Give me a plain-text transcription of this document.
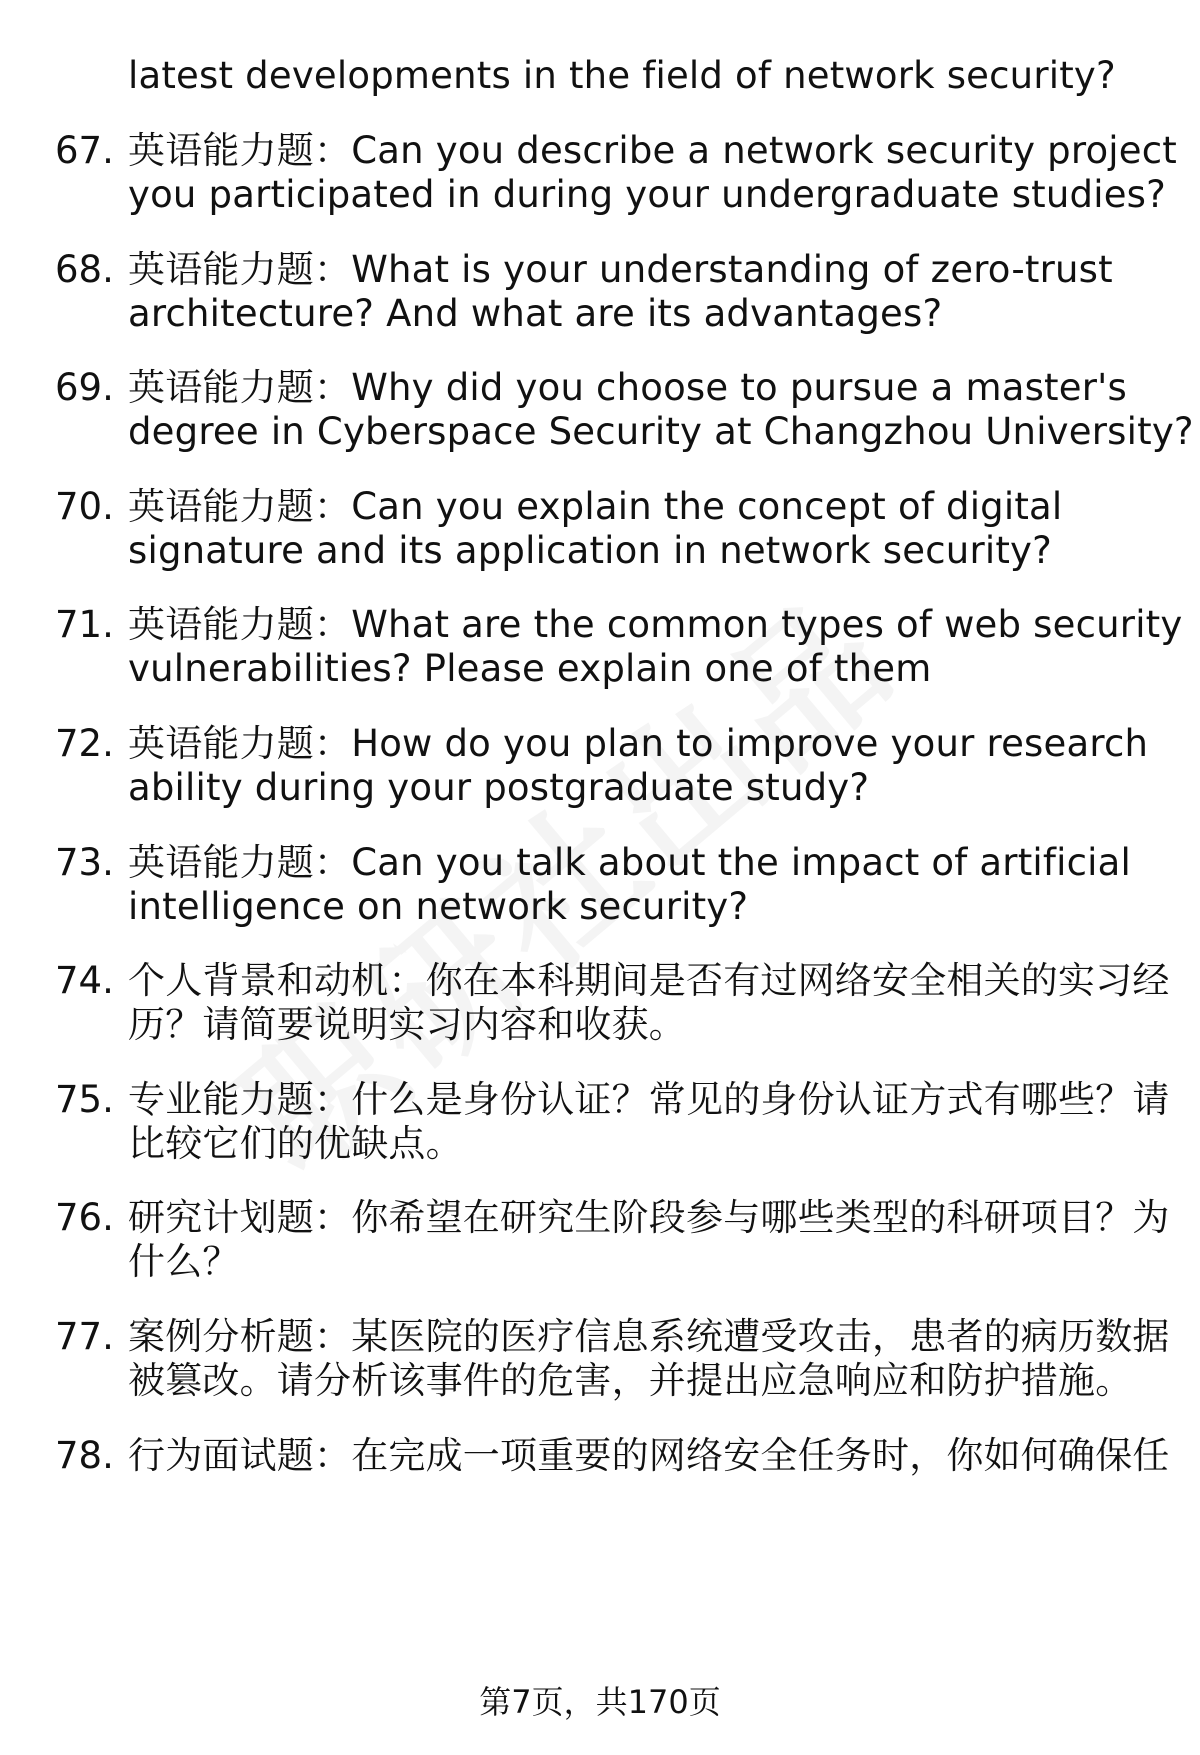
latest developments in the field of network security?
67. 英语能力题：Can you describe a network security project
you participated in during your undergraduate studies?
68. 英语能力题：What is your understanding of zero-trust
architecture? And what are its advantages?
69. 英语能力题：Why did you choose to pursue a master's
degree in Cyberspace Security at Changzhou University?
70. 英语能力题：Can you explain the concept of digital
signature and its application in network security?
71. 英语能力题：What are the common types of web security
vulnerabilities? Please explain one of them
72. 英语能力题：How do you plan to improve your research
ability during your postgraduate study?
73. 英语能力题：Can you talk about the impact of artificial
intelligence on network security?
74. 个人背景和动机：你在本科期间是否有过网络安全相关的实习经
历？请简要说明实习内容和收获。
75. 专业能力题：什么是身份认证？常见的身份认证方式有哪些？请
比较它们的优缺点。
76. 研究计划题：你希望在研究生阶段参与哪些类型的科研项目？为
什么？
77. 案例分析题：某医院的医疗信息系统遭受攻击，患者的病历数据
被篡改。请分析该事件的危害，并提出应急响应和防护措施。
78. 行为面试题：在完成一项重要的网络安全任务时，你如何确保任
第7页，共170页
